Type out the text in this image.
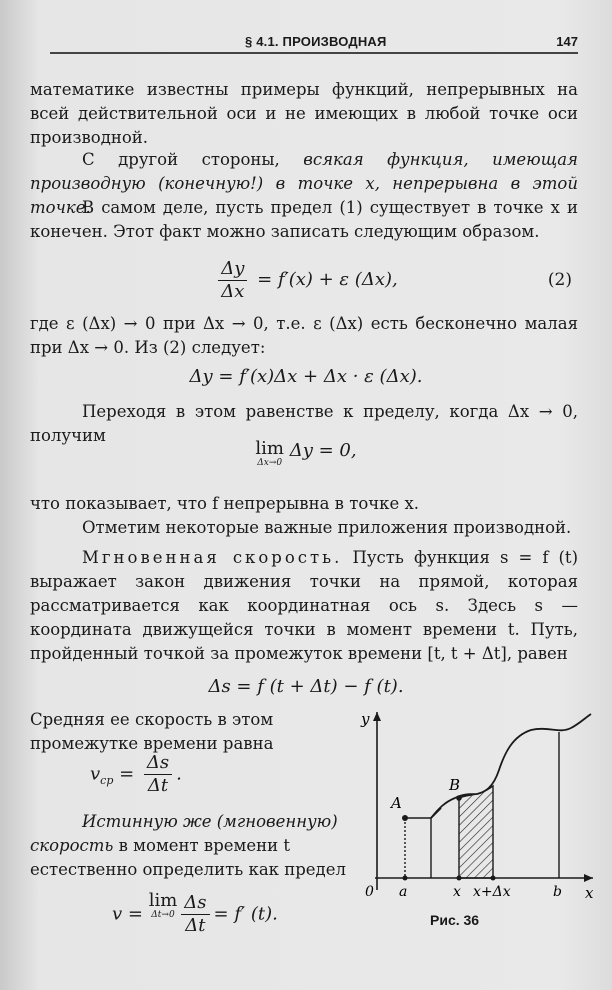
§ 4.1. ПРОИЗВОДНАЯ	147

математике известны примеры функций, непрерывных на всей действительной оси и не имеющих в любой точке оси производной.

С другой стороны, всякая функция, имеющая производную (конечную!) в точке x, непрерывна в этой точке.

В самом деле, пусть предел (1) существует в точке x и конечен. Этот факт можно записать следующим образом.

$\frac{\Delta y}{\Delta x} = f'(x) + \varepsilon$ (Δx),	(2)

где ε (Δx) → 0 при Δx → 0, т.е. ε (Δx) есть бесконечно малая при Δx → 0. Из (2) следует:

Δy = f′(x)Δx + Δx · ε (Δx).

Переходя в этом равенстве к пределу, когда Δx → 0, получим

lim
Δx→0
Δy = 0,

что показывает, что f непрерывна в точке x.

Отметим некоторые важные приложения производной.

Мгновенная скорость. Пусть функция s = f (t) выражает закон движения точки на прямой, которая рассматривается как координатная ось s. Здесь s — координата движущейся точки в момент времени t. Путь, пройденный точкой за промежуток времени [t, t + Δt], равен

Δs = f (t + Δt) − f (t).

Средняя ее скорость в этом промежутке времени равна

$v_{ср} = \frac{\Delta s}{\Delta t}$ .

Истинную же (мгновенную) скорость в момент времени t естественно определить как предел

v =
lim
$\Delta t\to 0 \frac{\Delta s}{\Delta t} = f'$ (t).
y
x
0 a	x x+Δx	b
A
B
Рис. 36
